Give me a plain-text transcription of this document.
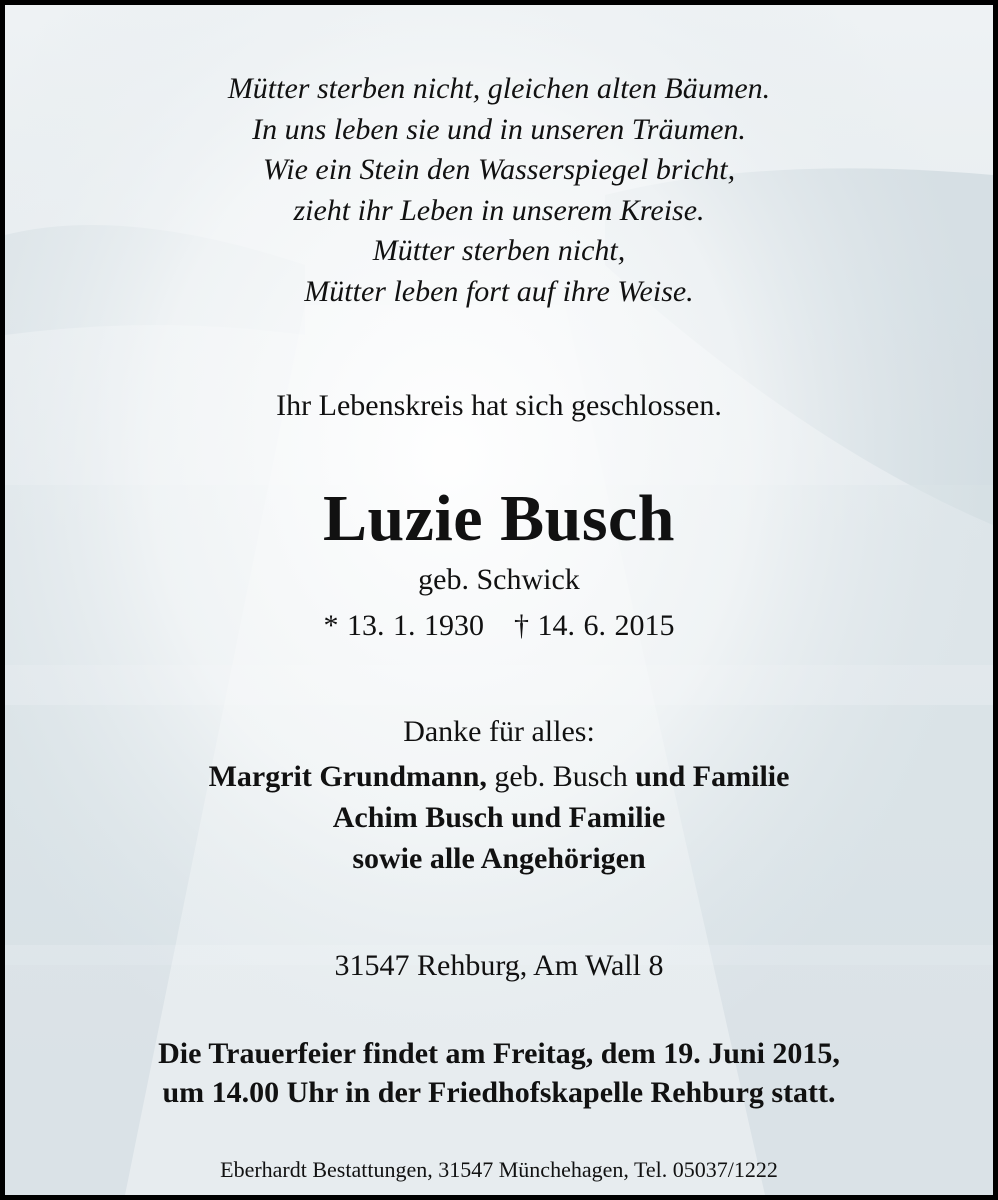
Mütter sterben nicht, gleichen alten Bäumen.
In uns leben sie und in unseren Träumen.
Wie ein Stein den Wasserspiegel bricht,
zieht ihr Leben in unserem Kreise.
Mütter sterben nicht,
Mütter leben fort auf ihre Weise.
Ihr Lebenskreis hat sich geschlossen.
Luzie Busch
geb. Schwick
* 13. 1. 1930 † 14. 6. 2015
Danke für alles:
Margrit Grundmann, geb. Busch und Familie
Achim Busch und Familie
sowie alle Angehörigen
31547 Rehburg, Am Wall 8
Die Trauerfeier findet am Freitag, dem 19. Juni 2015,
um 14.00 Uhr in der Friedhofskapelle Rehburg statt.
Eberhardt Bestattungen, 31547 Münchehagen, Tel. 05037/1222
